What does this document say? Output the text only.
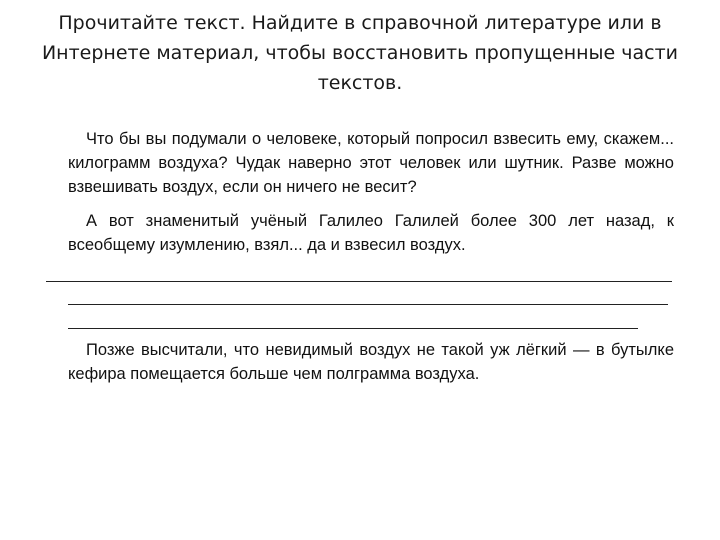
Прочитайте текст. Найдите в справочной литературе или в Интернете материал, чтобы восстановить пропущенные части текстов.
Что бы вы подумали о человеке, который попросил взвесить ему, скажем... килограмм воздуха? Чудак наверно этот человек или шутник. Разве можно взвешивать воздух, если он ничего не весит?
А вот знаменитый учёный Галилео Галилей более 300 лет назад, к всеобщему изумлению, взял... да и взвесил воздух.
Позже высчитали, что невидимый воздух не такой уж лёгкий — в бутылке кефира помещается больше чем полграмма воздуха.
